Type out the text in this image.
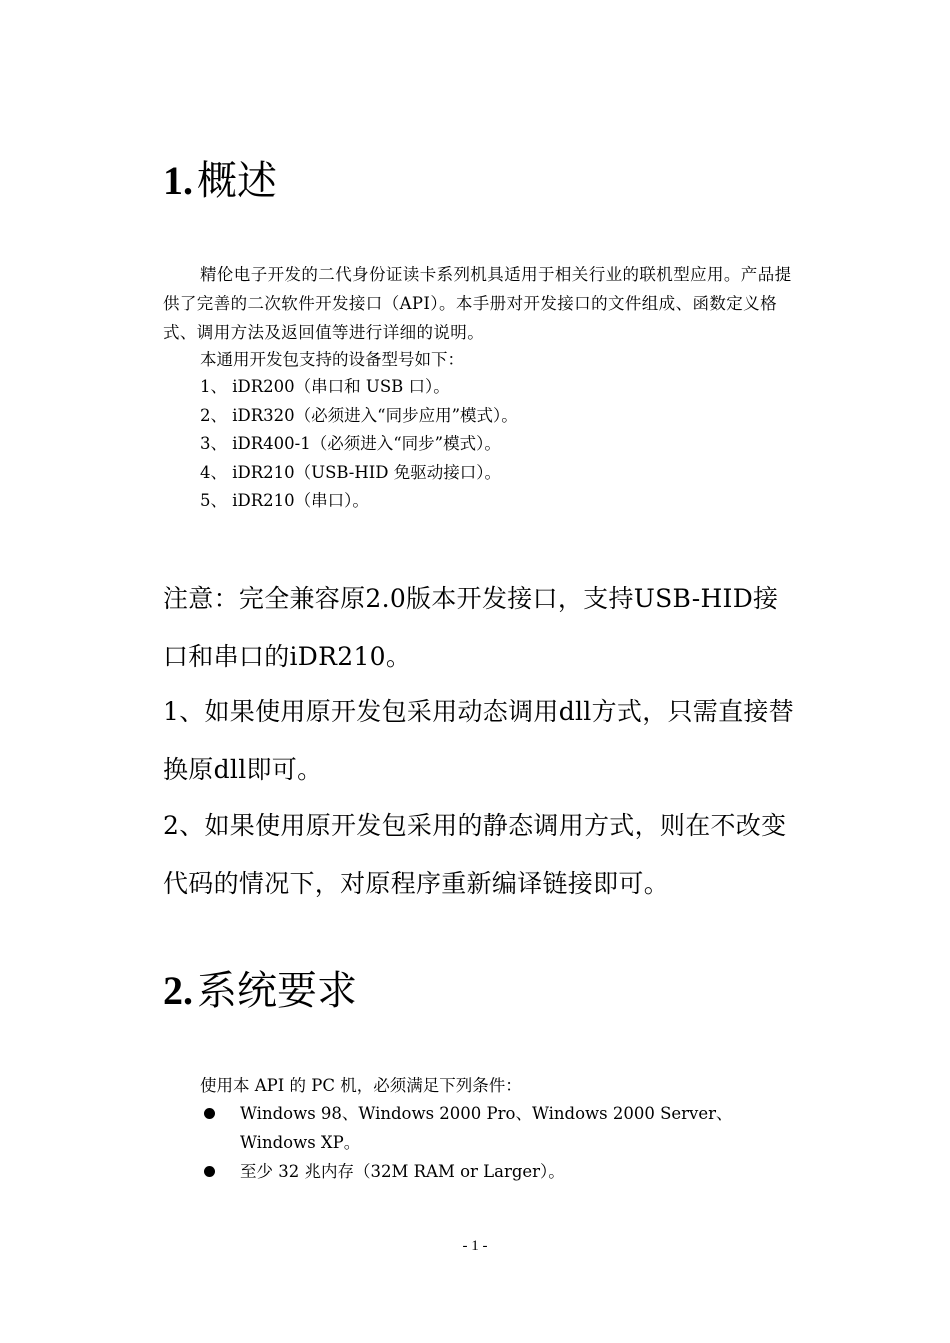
1. 概述

精伦电子开发的二代身份证读卡系列机具适用于相关行业的联机型应用。产品提供了完善的二次软件开发接口（API）。本手册对开发接口的文件组成、函数定义格式、调用方法及返回值等进行详细的说明。

本通用开发包支持的设备型号如下：

1、 iDR200（串口和 USB 口）。
2、 iDR320（必须进入“同步应用”模式）。
3、 iDR400-1（必须进入“同步”模式）。
4、 iDR210（USB-HID 免驱动接口）。
5、 iDR210（串口）。

注意：完全兼容原2.0版本开发接口，支持USB-HID接口和串口的iDR210。

1、如果使用原开发包采用动态调用dll方式，只需直接替换原dll即可。

2、如果使用原开发包采用的静态调用方式，则在不改变代码的情况下，对原程序重新编译链接即可。

2. 系统要求

使用本 API 的 PC 机，必须满足下列条件：

Windows 98、Windows 2000 Pro、Windows 2000 Server、Windows XP。
至少 32 兆内存（32M RAM or Larger）。
- 1 -
